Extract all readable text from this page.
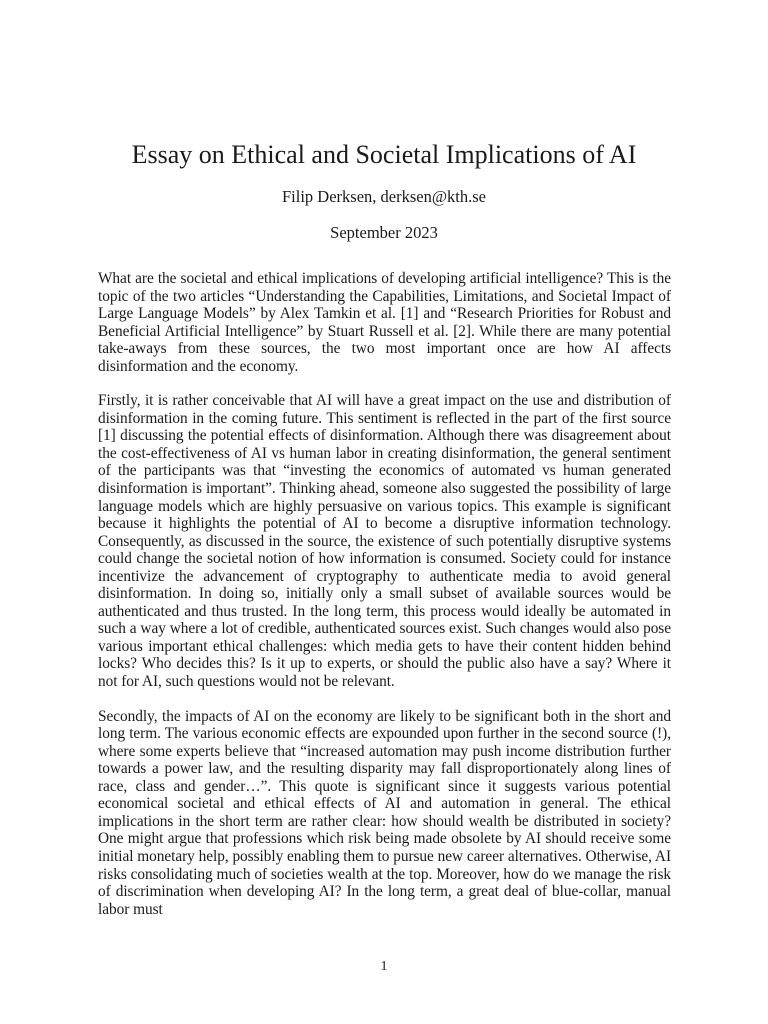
Essay on Ethical and Societal Implications of AI
Filip Derksen, derksen@kth.se
September 2023

What are the societal and ethical implications of developing artificial intelligence? This is the topic of the two articles “Understanding the Capabilities, Limitations, and Societal Impact of Large Language Models” by Alex Tamkin et al. [1] and “Research Priorities for Robust and Beneficial Artificial Intelligence” by Stuart Russell et al. [2]. While there are many potential take-aways from these sources, the two most important once are how AI affects disinformation and the economy.

Firstly, it is rather conceivable that AI will have a great impact on the use and distribution of disinformation in the coming future. This sentiment is reflected in the part of the first source [1] discussing the potential effects of disinformation. Although there was disagreement about the cost-effectiveness of AI vs human labor in creating disinformation, the general sentiment of the participants was that “investing the economics of automated vs human generated disinformation is important”. Thinking ahead, someone also suggested the possibility of large language models which are highly persuasive on various topics. This example is significant because it highlights the potential of AI to become a disruptive information technology. Consequently, as discussed in the source, the existence of such potentially disruptive systems could change the societal notion of how information is consumed. Society could for instance incentivize the advancement of cryptography to authenticate media to avoid general disinformation. In doing so, initially only a small subset of available sources would be authenticated and thus trusted. In the long term, this process would ideally be automated in such a way where a lot of credible, authenticated sources exist. Such changes would also pose various important ethical challenges: which media gets to have their content hidden behind locks? Who decides this? Is it up to experts, or should the public also have a say? Where it not for AI, such questions would not be relevant.

Secondly, the impacts of AI on the economy are likely to be significant both in the short and long term. The various economic effects are expounded upon further in the second source (!), where some experts believe that “increased automation may push income distribution further towards a power law, and the resulting disparity may fall disproportionately along lines of race, class and gender…”. This quote is significant since it suggests various potential economical societal and ethical effects of AI and automation in general. The ethical implications in the short term are rather clear: how should wealth be distributed in society? One might argue that professions which risk being made obsolete by AI should receive some initial monetary help, possibly enabling them to pursue new career alternatives. Otherwise, AI risks consolidating much of societies wealth at the top. Moreover, how do we manage the risk of discrimination when developing AI? In the long term, a great deal of blue-collar, manual labor must

1
